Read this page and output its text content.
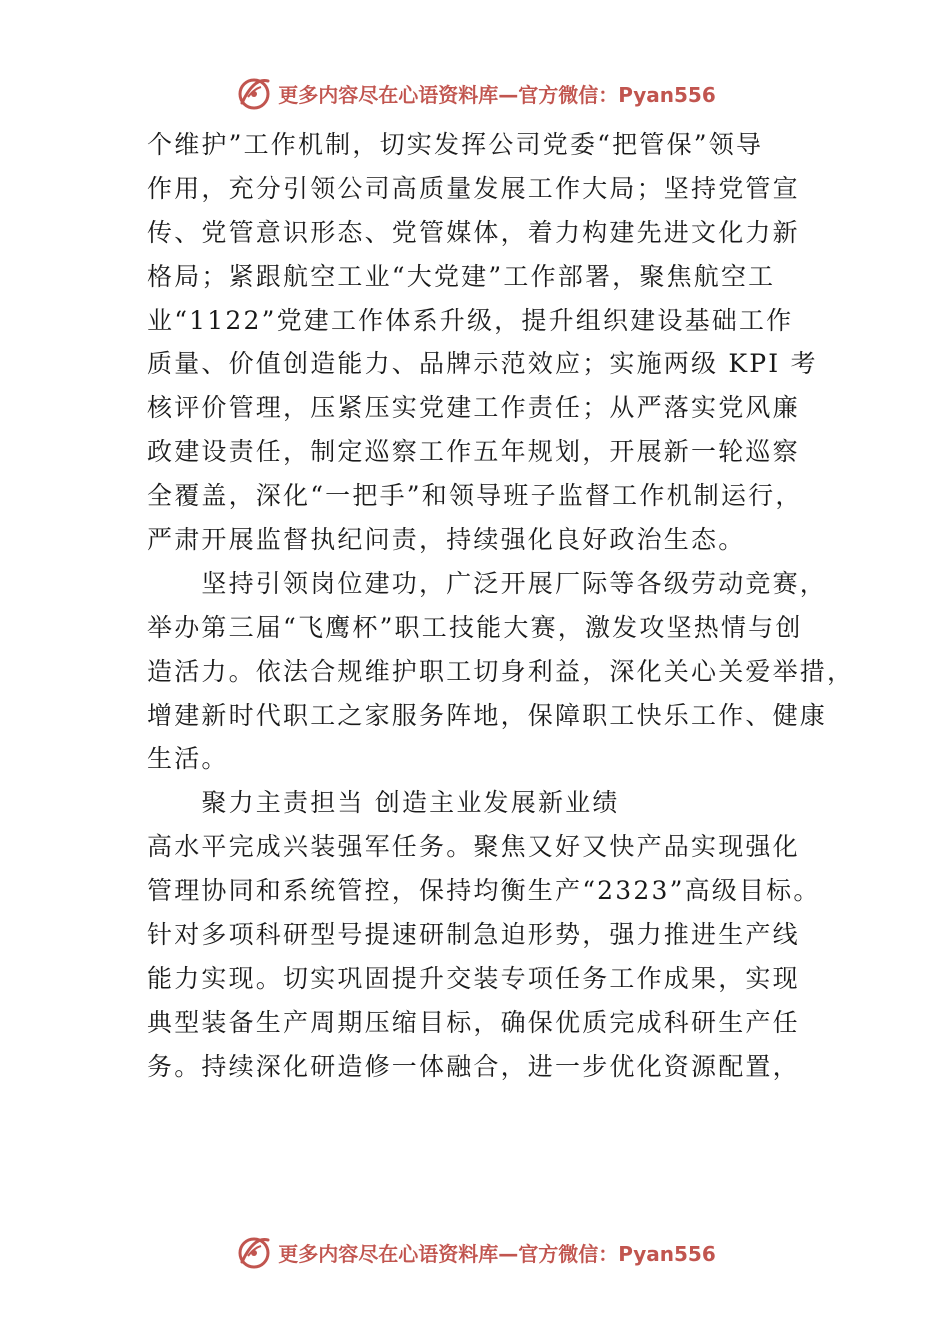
更多内容尽在心语资料库—官方微信：Pyan556
个维护”工作机制，切实发挥公司党委“把管保”领导
作用，充分引领公司高质量发展工作大局；坚持党管宣
传、党管意识形态、党管媒体，着力构建先进文化力新
格局；紧跟航空工业“大党建”工作部署，聚焦航空工
业“1122”党建工作体系升级，提升组织建设基础工作
质量、价值创造能力、品牌示范效应；实施两级 KPI 考
核评价管理，压紧压实党建工作责任；从严落实党风廉
政建设责任，制定巡察工作五年规划，开展新一轮巡察
全覆盖，深化“一把手”和领导班子监督工作机制运行，
严肃开展监督执纪问责，持续强化良好政治生态。
　　坚持引领岗位建功，广泛开展厂际等各级劳动竞赛，
举办第三届“飞鹰杯”职工技能大赛，激发攻坚热情与创
造活力。依法合规维护职工切身利益，深化关心关爱举措，
增建新时代职工之家服务阵地，保障职工快乐工作、健康
生活。
　　聚力主责担当 创造主业发展新业绩
高水平完成兴装强军任务。聚焦又好又快产品实现强化
管理协同和系统管控，保持均衡生产“2323”高级目标。
针对多项科研型号提速研制急迫形势，强力推进生产线
能力实现。切实巩固提升交装专项任务工作成果，实现
典型装备生产周期压缩目标，确保优质完成科研生产任
务。持续深化研造修一体融合，进一步优化资源配置，
更多内容尽在心语资料库—官方微信：Pyan556
